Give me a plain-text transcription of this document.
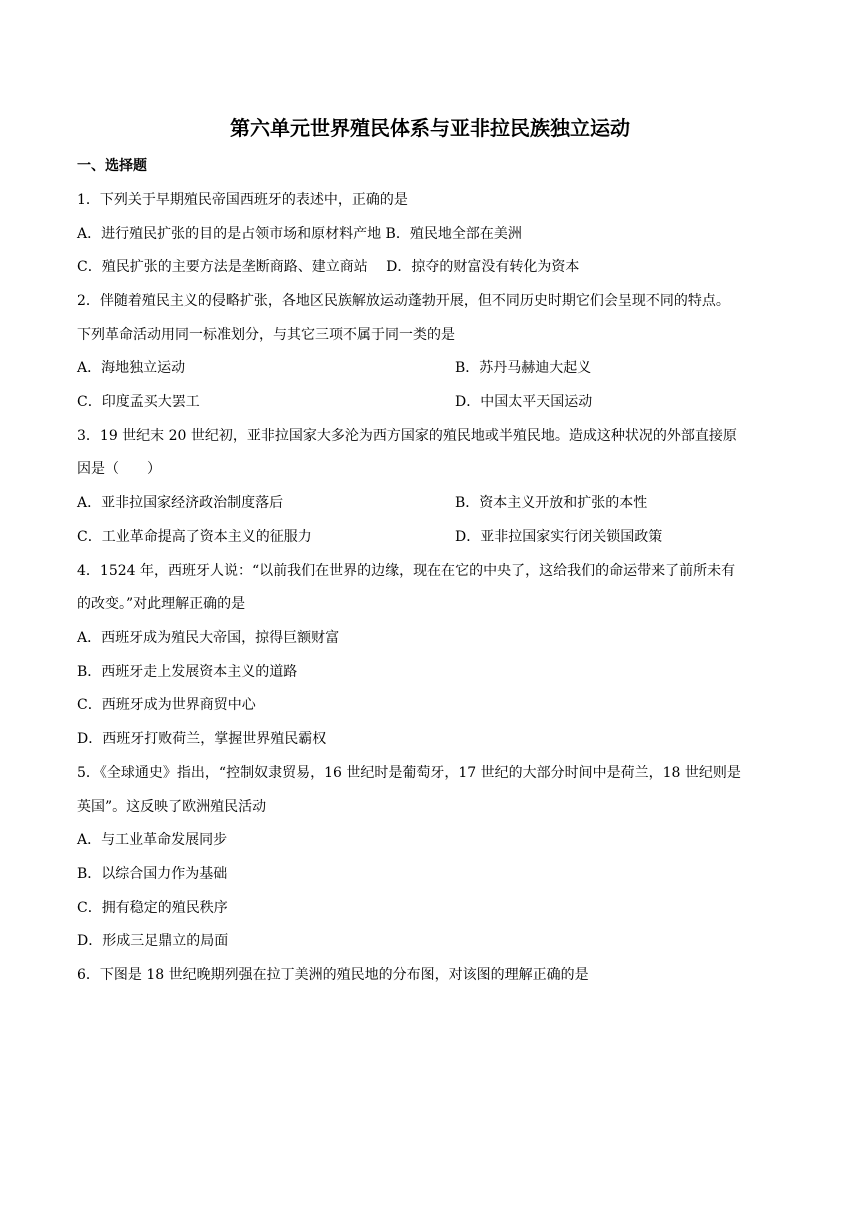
第六单元世界殖民体系与亚非拉民族独立运动
一、选择题
1．下列关于早期殖民帝国西班牙的表述中，正确的是
A．进行殖民扩张的目的是占领市场和原材料产地 B．殖民地全部在美洲
C．殖民扩张的主要方法是垄断商路、建立商站　 D．掠夺的财富没有转化为资本
2．伴随着殖民主义的侵略扩张，各地区民族解放运动蓬勃开展，但不同历史时期它们会呈现不同的特点。
下列革命活动用同一标准划分，与其它三项不属于同一类的是
A．海地独立运动	B．苏丹马赫迪大起义
C．印度孟买大罢工	D．中国太平天国运动
3．19 世纪末 20 世纪初，亚非拉国家大多沦为西方国家的殖民地或半殖民地。造成这种状况的外部直接原
因是（　　）
A．亚非拉国家经济政治制度落后	B．资本主义开放和扩张的本性
C．工业革命提高了资本主义的征服力	D．亚非拉国家实行闭关锁国政策
4．1524 年，西班牙人说：“以前我们在世界的边缘，现在在它的中央了，这给我们的命运带来了前所未有
的改变。”对此理解正确的是
A．西班牙成为殖民大帝国，掠得巨额财富
B．西班牙走上发展资本主义的道路
C．西班牙成为世界商贸中心
D．西班牙打败荷兰，掌握世界殖民霸权
5．《全球通史》指出，“控制奴隶贸易，16 世纪时是葡萄牙，17 世纪的大部分时间中是荷兰，18 世纪则是
英国”。这反映了欧洲殖民活动
A．与工业革命发展同步
B．以综合国力作为基础
C．拥有稳定的殖民秩序
D．形成三足鼎立的局面
6．下图是 18 世纪晚期列强在拉丁美洲的殖民地的分布图，对该图的理解正确的是
